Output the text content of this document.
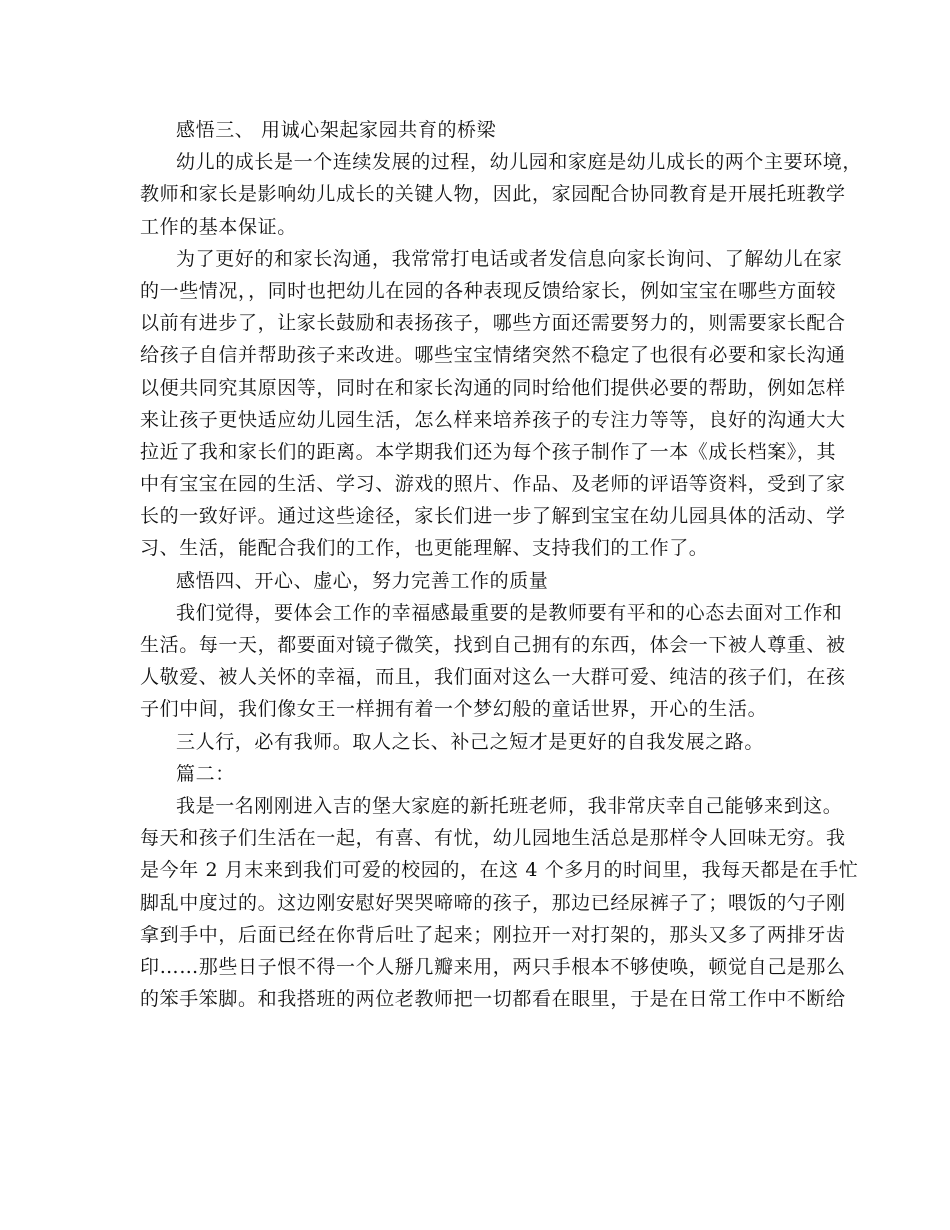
感悟三、 用诚心架起家园共育的桥梁
幼儿的成长是一个连续发展的过程，幼儿园和家庭是幼儿成长的两个主要环境，
教师和家长是影响幼儿成长的关键人物，因此，家园配合协同教育是开展托班教学
工作的基本保证。
为了更好的和家长沟通，我常常打电话或者发信息向家长询问、了解幼儿在家
的一些情况，，同时也把幼儿在园的各种表现反馈给家长，例如宝宝在哪些方面较
以前有进步了，让家长鼓励和表扬孩子，哪些方面还需要努力的，则需要家长配合
给孩子自信并帮助孩子来改进。哪些宝宝情绪突然不稳定了也很有必要和家长沟通
以便共同究其原因等，同时在和家长沟通的同时给他们提供必要的帮助，例如怎样
来让孩子更快适应幼儿园生活，怎么样来培养孩子的专注力等等，良好的沟通大大
拉近了我和家长们的距离。本学期我们还为每个孩子制作了一本《成长档案》，其
中有宝宝在园的生活、学习、游戏的照片、作品、及老师的评语等资料，受到了家
长的一致好评。通过这些途径，家长们进一步了解到宝宝在幼儿园具体的活动、学
习、生活，能配合我们的工作，也更能理解、支持我们的工作了。
感悟四、开心、虚心，努力完善工作的质量
我们觉得，要体会工作的幸福感最重要的是教师要有平和的心态去面对工作和
生活。每一天，都要面对镜子微笑，找到自己拥有的东西，体会一下被人尊重、被
人敬爱、被人关怀的幸福，而且，我们面对这么一大群可爱、纯洁的孩子们，在孩
子们中间，我们像女王一样拥有着一个梦幻般的童话世界，开心的生活。
三人行，必有我师。取人之长、补己之短才是更好的自我发展之路。
篇二：
我是一名刚刚进入吉的堡大家庭的新托班老师，我非常庆幸自己能够来到这。
每天和孩子们生活在一起，有喜、有忧，幼儿园地生活总是那样令人回味无穷。我
是今年 2 月末来到我们可爱的校园的，在这 4 个多月的时间里，我每天都是在手忙
脚乱中度过的。这边刚安慰好哭哭啼啼的孩子，那边已经尿裤子了；喂饭的勺子刚
拿到手中，后面已经在你背后吐了起来；刚拉开一对打架的，那头又多了两排牙齿
印……那些日子恨不得一个人掰几瓣来用，两只手根本不够使唤，顿觉自己是那么
的笨手笨脚。和我搭班的两位老教师把一切都看在眼里，于是在日常工作中不断给
